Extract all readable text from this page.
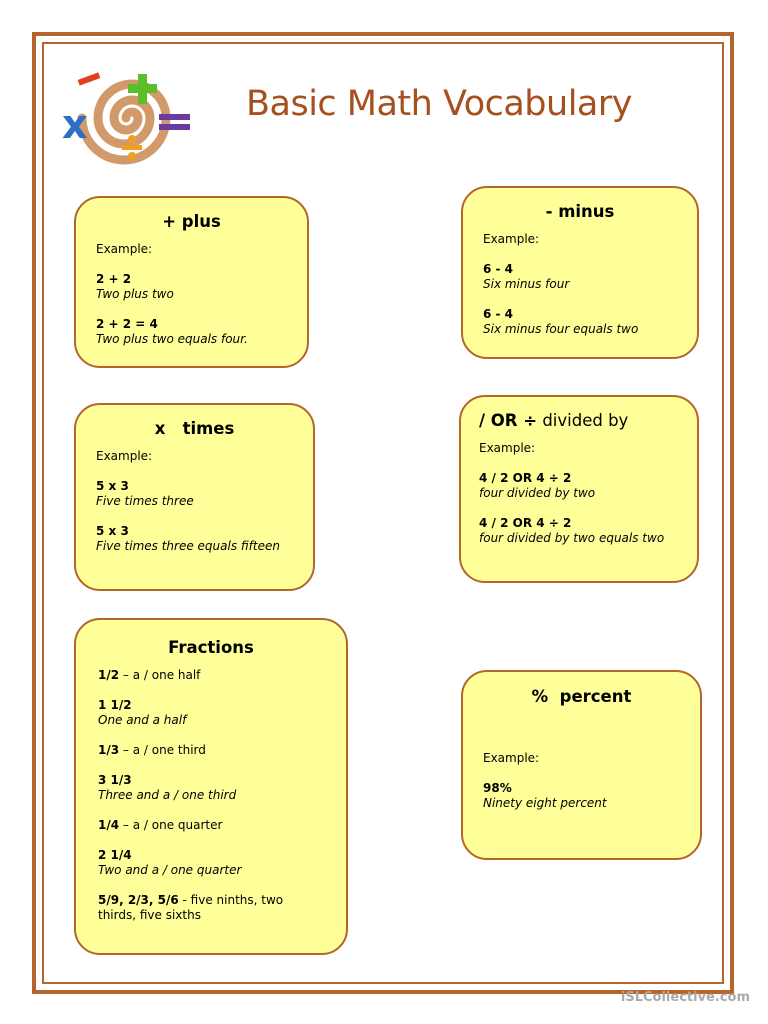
x	Basic Math Vocabulary
+ plus

Example:

2 + 2

Two plus two

2 + 2 = 4

Two plus two equals four.

- minus

Example:

6 - 4

Six minus four

6 - 4

Six minus four equals two

x   times

Example:

5 x 3

Five times three

5 x 3

Five times three equals fifteen

/ OR ÷ divided by

Example:

4 / 2 OR 4 ÷ 2

four divided by two

4 / 2 OR 4 ÷ 2

four divided by two equals two

Fractions

1/2 – a / one half

1 1/2

One and a half

1/3 – a / one third

3 1/3

Three and a / one third

1/4 – a / one quarter

2 1/4

Two and a / one quarter

5/9, 2/3, 5/6 - five ninths, two thirds, five sixths

%  percent

Example:

98%

Ninety eight percent

iSLCollective.com
